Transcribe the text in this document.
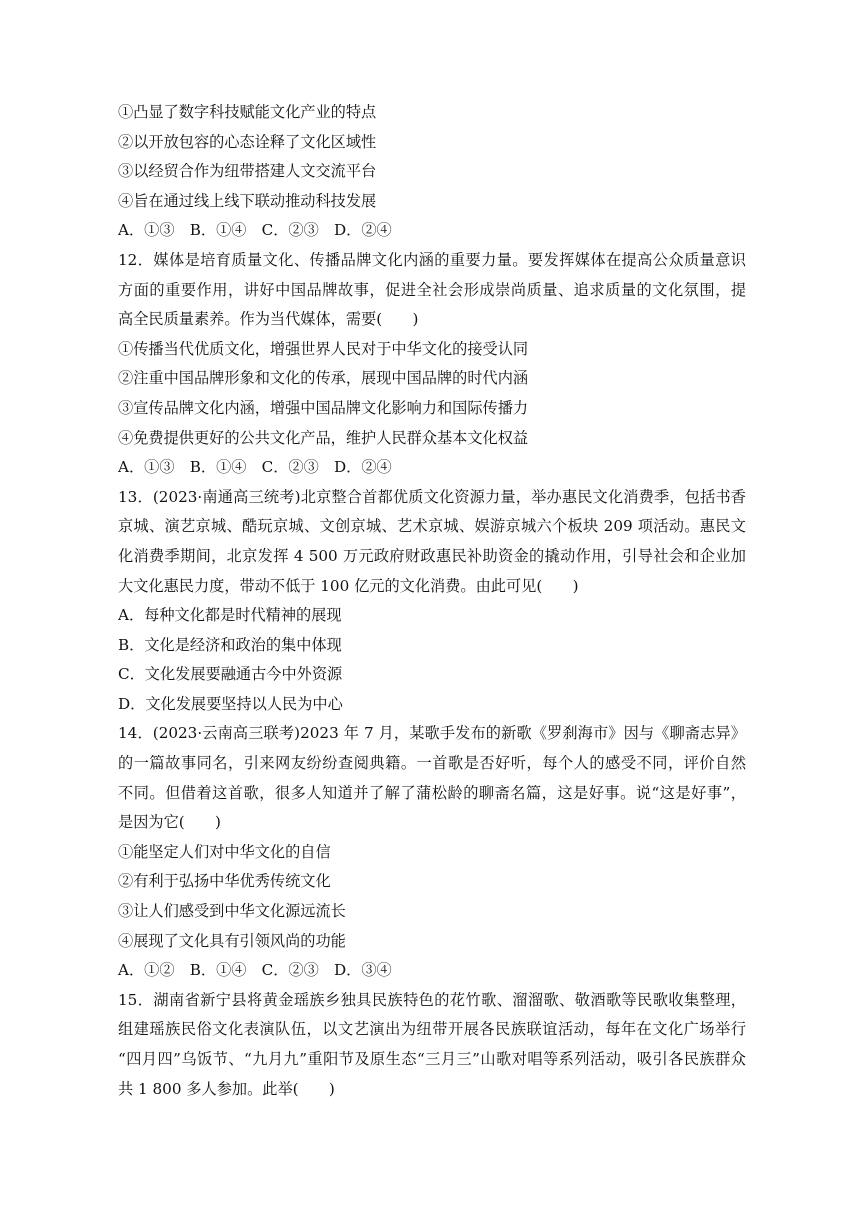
①凸显了数字科技赋能文化产业的特点
②以开放包容的心态诠释了文化区域性
③以经贸合作为纽带搭建人文交流平台
④旨在通过线上线下联动推动科技发展
A．①③　B．①④　C．②③　D．②④
12．媒体是培育质量文化、传播品牌文化内涵的重要力量。要发挥媒体在提高公众质量意识
方面的重要作用，讲好中国品牌故事，促进全社会形成崇尚质量、追求质量的文化氛围，提
高全民质量素养。作为当代媒体，需要(　　)
①传播当代优质文化，增强世界人民对于中华文化的接受认同
②注重中国品牌形象和文化的传承，展现中国品牌的时代内涵
③宣传品牌文化内涵，增强中国品牌文化影响力和国际传播力
④免费提供更好的公共文化产品，维护人民群众基本文化权益
A．①③　B．①④　C．②③　D．②④
13．(2023·南通高三统考)北京整合首都优质文化资源力量，举办惠民文化消费季，包括书香
京城、演艺京城、酷玩京城、文创京城、艺术京城、娱游京城六个板块 209 项活动。惠民文
化消费季期间，北京发挥 4 500 万元政府财政惠民补助资金的撬动作用，引导社会和企业加
大文化惠民力度，带动不低于 100 亿元的文化消费。由此可见(　　)
A．每种文化都是时代精神的展现
B．文化是经济和政治的集中体现
C．文化发展要融通古今中外资源
D．文化发展要坚持以人民为中心
14．(2023·云南高三联考)2023 年 7 月，某歌手发布的新歌《罗刹海市》因与《聊斋志异》
的一篇故事同名，引来网友纷纷查阅典籍。一首歌是否好听，每个人的感受不同，评价自然
不同。但借着这首歌，很多人知道并了解了蒲松龄的聊斋名篇，这是好事。说“这是好事”，
是因为它(　　)
①能坚定人们对中华文化的自信
②有利于弘扬中华优秀传统文化
③让人们感受到中华文化源远流长
④展现了文化具有引领风尚的功能
A．①②　B．①④　C．②③　D．③④
15．湖南省新宁县将黄金瑶族乡独具民族特色的花竹歌、溜溜歌、敬酒歌等民歌收集整理，
组建瑶族民俗文化表演队伍，以文艺演出为纽带开展各民族联谊活动，每年在文化广场举行
“四月四”乌饭节、“九月九”重阳节及原生态“三月三”山歌对唱等系列活动，吸引各民族群众
共 1 800 多人参加。此举(　　)
